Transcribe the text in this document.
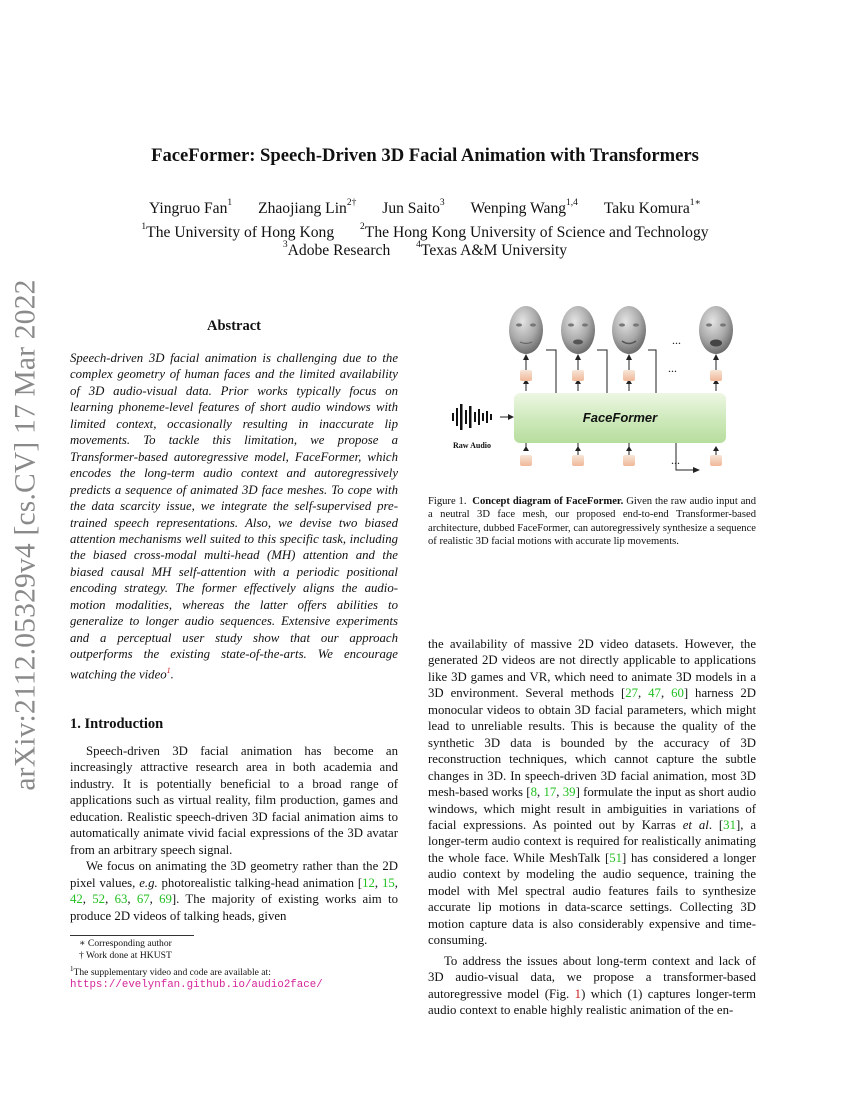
arXiv:2112.05329v4 [cs.CV] 17 Mar 2022
FaceFormer: Speech-Driven 3D Facial Animation with Transformers
Yingruo Fan$^1$ Zhaojiang Lin$^{2\dagger}$ Jun Saito$^3$ Wenping Wang$^{1,4}$ Taku Komura$^{1∗}$
$^1$The University of Hong Kong	$^2$The Hong Kong University of Science and Technology
$^3$Adobe Research	$^4$Texas A&M University
Abstract
Speech-driven 3D facial animation is challenging due to the complex geometry of human faces and the limited availability of 3D audio-visual data. Prior works typically focus on learning phoneme-level features of short audio windows with limited context, occasionally resulting in inaccurate lip movements. To tackle this limitation, we propose a Transformer-based autoregressive model, FaceFormer, which encodes the long-term audio context and autoregressively predicts a sequence of animated 3D face meshes. To cope with the data scarcity issue, we integrate the self-supervised pre-trained speech representations. Also, we devise two biased attention mechanisms well suited to this specific task, including the biased cross-modal multi-head (MH) attention and the biased causal MH self-attention with a periodic positional encoding strategy. The former effectively aligns the audio-motion modalities, whereas the latter offers abilities to generalize to longer audio sequences. Extensive experiments and a perceptual user study show that our approach outperforms the existing state-of-the-arts. We encourage watching the video$^1$.
1. Introduction

Speech-driven 3D facial animation has become an increasingly attractive research area in both academia and industry. It is potentially beneficial to a broad range of applications such as virtual reality, film production, games and education. Realistic speech-driven 3D facial animation aims to automatically animate vivid facial expressions of the 3D avatar from an arbitrary speech signal.

We focus on animating the 3D geometry rather than the 2D pixel values, e.g. photorealistic talking-head animation [12, 15, 42, 52, 63, 67, 69]. The majority of existing works aim to produce 2D videos of talking heads, given

∗ Corresponding author
† Work done at HKUST
$^1$The supplementary video and code are available at: https://evelynfan.github.io/audio2face/
...
...
...
FaceFormer
Raw Audio
Figure 1. Concept diagram of FaceFormer. Given the raw audio input and a neutral 3D face mesh, our proposed end-to-end Transformer-based architecture, dubbed FaceFormer, can autoregressively synthesize a sequence of realistic 3D facial motions with accurate lip movements.

the availability of massive 2D video datasets. However, the generated 2D videos are not directly applicable to applications like 3D games and VR, which need to animate 3D models in a 3D environment. Several methods [27, 47, 60] harness 2D monocular videos to obtain 3D facial parameters, which might lead to unreliable results. This is because the quality of the synthetic 3D data is bounded by the accuracy of 3D reconstruction techniques, which cannot capture the subtle changes in 3D. In speech-driven 3D facial animation, most 3D mesh-based works [8, 17, 39] formulate the input as short audio windows, which might result in ambiguities in variations of facial expressions. As pointed out by Karras et al. [31], a longer-term audio context is required for realistically animating the whole face. While MeshTalk [51] has considered a longer audio context by modeling the audio sequence, training the model with Mel spectral audio features fails to synthesize accurate lip motions in data-scarce settings. Collecting 3D motion capture data is also considerably expensive and time-consuming.

To address the issues about long-term context and lack of 3D audio-visual data, we propose a transformer-based autoregressive model (Fig. 1) which (1) captures longer-term audio context to enable highly realistic animation of the en-
